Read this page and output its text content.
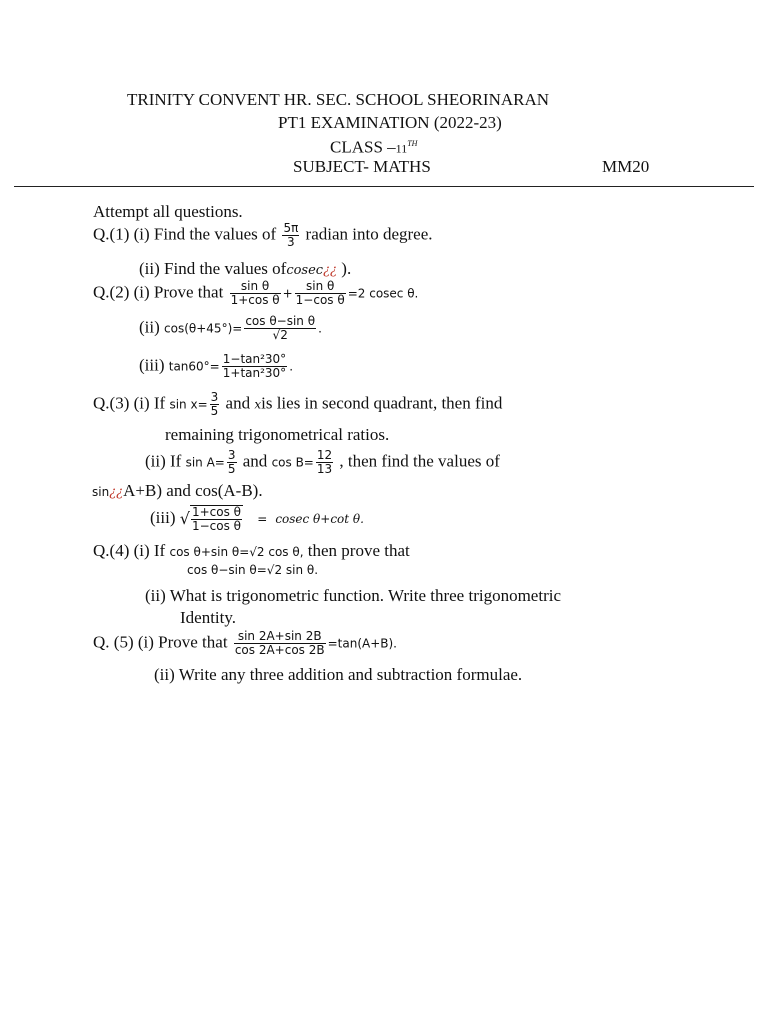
TRINITY CONVENT HR. SEC. SCHOOL SHEORINARAN
PT1 EXAMINATION (2022-23)
CLASS –11TH
SUBJECT- MATHS	MM20
Attempt all questions.
Q.(1) (i) Find the values of $\frac{5\pi}{3}$ radian into degree.
(ii) Find the values ofcosec¿¿ ).
Q.(2) (i) Prove that $\frac{\text{sin θ}}{\text{1+cos θ}} + \frac{\text{sin θ}}{\text{1−cos θ}} =2$ cosec θ.
(ii) $\cos(\theta+45^\circ)= \frac{\text{cos θ−sin θ}}{√2}$ .
(iii) $\tan 60^\circ= \frac{\text{1−tan²30°}}{\text{1+tan²30°}}$ .
Q.(3) (i) If $\sin x= \frac{3}{5}$ and xis lies in second quadrant, then find
remaining trigonometrical ratios.
(ii) If $\sin A= \frac{3}{5}$ and $\cos B= \frac{12}{13}$ , then find the values of
sin¿¿A+B) and cos(A-B).
(iii) √ $\frac{\text{1+cos θ}}{\text{1−cos θ}} = cosec$ θ+cot θ.
Q.(4) (i) If cos θ+sin θ=√2 cos θ, then prove that
cos θ−sin θ=√2 sin θ.
(ii) What is trigonometric function. Write three trigonometric
Identity.
Q. (5) (i) Prove that $\frac{\sin 2A+\sin 2B}{\cos 2A+\cos 2B} =\tan(A+B)$.
(ii) Write any three addition and subtraction formulae.
